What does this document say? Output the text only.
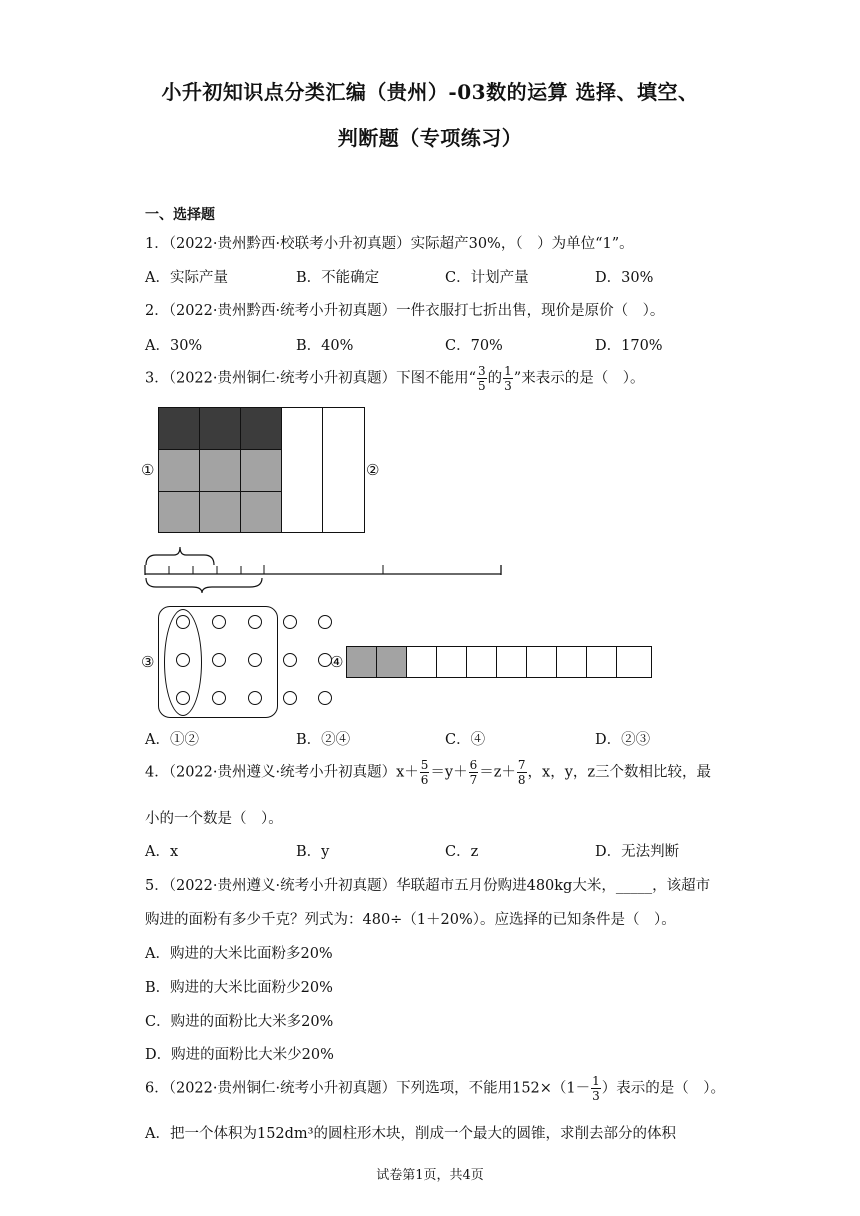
小升初知识点分类汇编（贵州）-03数的运算 选择、填空、
判断题（专项练习）
一、选择题
1．（2022·贵州黔西·校联考小升初真题）实际超产30%，（　）为单位“1”。
A．实际产量	B．不能确定	C．计划产量	D．30%
2．（2022·贵州黔西·统考小升初真题）一件衣服打七折出售，现价是原价（　）。
A．30%	B．40%	C．70%	D．170%
3．（2022·贵州铜仁·统考小升初真题）下图不能用“ $\frac{3}{5}$ 的 $\frac{1}{3}$ ”来表示的是（　）。
①	②
③	④
A．①②	B．②④	C．④	D．②③
4．（2022·贵州遵义·统考小升初真题）$x+ \frac{5}{6} =y+ \frac{6}{7} =z+ \frac{7}{8}$ ，x，y，z三个数相比较，最
小的一个数是（　）。
A．x	B．y	C．z	D．无法判断
5．（2022·贵州遵义·统考小升初真题）华联超市五月份购进480kg大米，_____，该超市
购进的面粉有多少千克？列式为：480÷（1＋20%）。应选择的已知条件是（　）。
A．购进的大米比面粉多20%
B．购进的大米比面粉少20%
C．购进的面粉比大米多20%
D．购进的面粉比大米少20%
6．（2022·贵州铜仁·统考小升初真题）下列选项，不能用$152\times(1- \frac{1}{3}$ ）表示的是（　）。
A．把一个体积为152dm³的圆柱形木块，削成一个最大的圆锥，求削去部分的体积
试卷第1页，共4页
